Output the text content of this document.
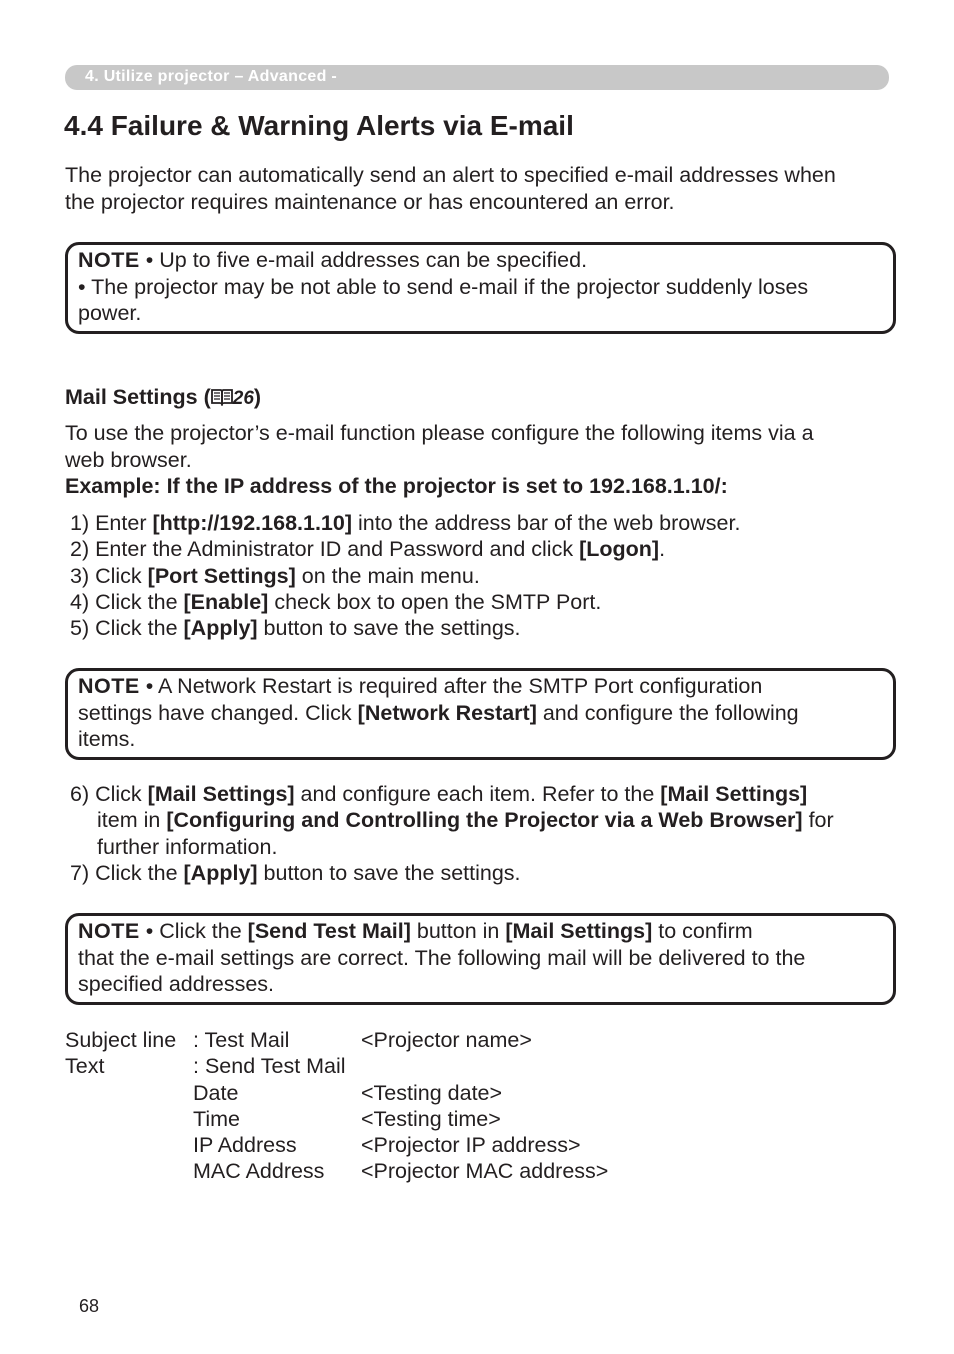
4. Utilize projector – Advanced -
4.4 Failure & Warning Alerts via E-mail
The projector can automatically send an alert to specified e-mail addresses when
the projector requires maintenance or has encountered an error.
NOTE • Up to five e-mail addresses can be specified.
• The projector may be not able to send e-mail if the projector suddenly loses
power.
Mail Settings ( 26)
To use the projector’s e-mail function please configure the following items via a
web browser.
Example: If the IP address of the projector is set to 192.168.1.10/:
1) Enter [http://192.168.1.10] into the address bar of the web browser.
2) Enter the Administrator ID and Password and click [Logon].
3) Click [Port Settings] on the main menu.
4) Click the [Enable] check box to open the SMTP Port.
5) Click the [Apply] button to save the settings.
NOTE • A Network Restart is required after the SMTP Port configuration
settings have changed. Click [Network Restart] and configure the following
items.
6) Click [Mail Settings] and configure each item. Refer to the [Mail Settings]
item in [Configuring and Controlling the Projector via a Web Browser] for
further information.
7) Click the [Apply] button to save the settings.
NOTE • Click the [Send Test Mail] button in [Mail Settings] to confirm
that the e-mail settings are correct. The following mail will be delivered to the
specified addresses.
Subject line	: Test Mail	<Projector name>
Text	: Send Test Mail	
	Date	<Testing date>
	Time	<Testing time>
	IP Address	<Projector IP address>
	MAC Address	<Projector MAC address>
68
